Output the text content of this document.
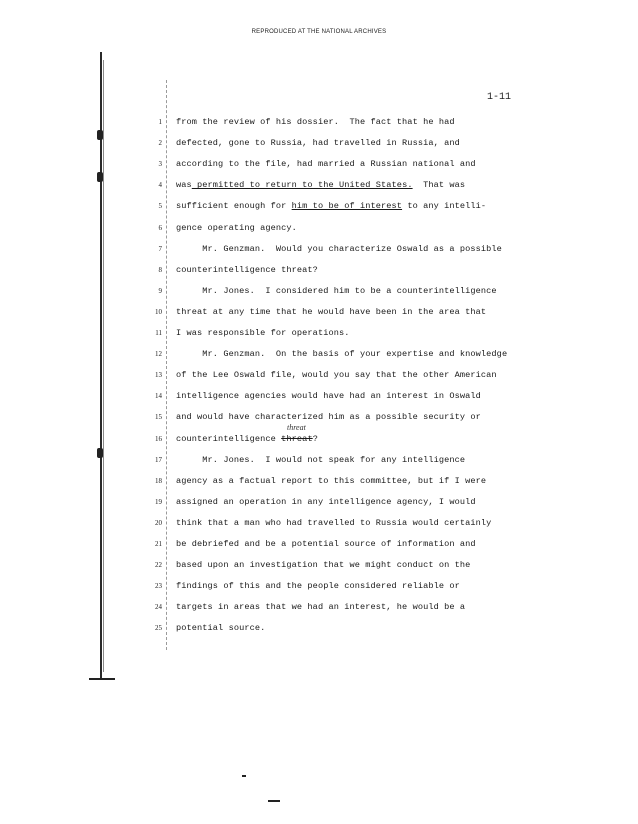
REPRODUCED AT THE NATIONAL ARCHIVES
1-11
1 from the review of his dossier.  The fact that he had
2 defected, gone to Russia, had travelled in Russia, and
3 according to the file, had married a Russian national and
4 was permitted to return to the United States.  That was
5 sufficient enough for him to be of interest to any intelli-
6 gence operating agency.
7 Mr. Genzman.  Would you characterize Oswald as a possible
8 counterintelligence threat?
9 Mr. Jones.  I considered him to be a counterintelligence
10 threat at any time that he would have been in the area that
11 I was responsible for operations.
12 Mr. Genzman.  On the basis of your expertise and knowledge
13 of the Lee Oswald file, would you say that the other American
14 intelligence agencies would have had an interest in Oswald
15 and would have characterized him as a possible security or
16 counterintelligence threat?
17 Mr. Jones.  I would not speak for any intelligence
18 agency as a factual report to this committee, but if I were
19 assigned an operation in any intelligence agency, I would
20 think that a man who had travelled to Russia would certainly
21 be debriefed and be a potential source of information and
22 based upon an investigation that we might conduct on the
23 findings of this and the people considered reliable or
24 targets in areas that we had an interest, he would be a
25 potential source.
threat
